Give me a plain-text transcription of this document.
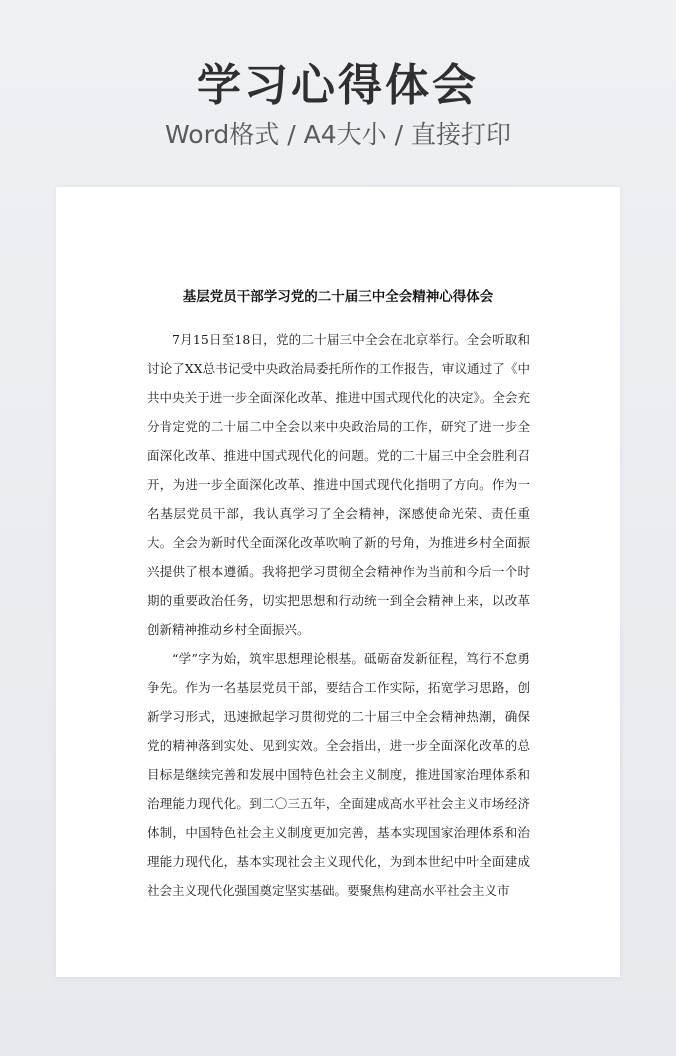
学习心得体会
Word格式 / A4大小 / 直接打印
基层党员干部学习党的二十届三中全会精神心得体会

7月15日至18日，党的二十届三中全会在北京举行。全会听取和讨论了XX总书记受中央政治局委托所作的工作报告，审议通过了《中共中央关于进一步全面深化改革、推进中国式现代化的决定》。全会充分肯定党的二十届二中全会以来中央政治局的工作，研究了进一步全面深化改革、推进中国式现代化的问题。党的二十届三中全会胜利召开，为进一步全面深化改革、推进中国式现代化指明了方向。作为一名基层党员干部，我认真学习了全会精神，深感使命光荣、责任重大。全会为新时代全面深化改革吹响了新的号角，为推进乡村全面振兴提供了根本遵循。我将把学习贯彻全会精神作为当前和今后一个时期的重要政治任务，切实把思想和行动统一到全会精神上来，以改革创新精神推动乡村全面振兴。

“学”字为始，筑牢思想理论根基。砥砺奋发新征程，笃行不怠勇争先。作为一名基层党员干部，要结合工作实际，拓宽学习思路，创新学习形式，迅速掀起学习贯彻党的二十届三中全会精神热潮，确保党的精神落到实处、见到实效。全会指出，进一步全面深化改革的总目标是继续完善和发展中国特色社会主义制度，推进国家治理体系和治理能力现代化。到二〇三五年，全面建成高水平社会主义市场经济体制，中国特色社会主义制度更加完善，基本实现国家治理体系和治理能力现代化，基本实现社会主义现代化，为到本世纪中叶全面建成社会主义现代化强国奠定坚实基础。要聚焦构建高水平社会主义市
